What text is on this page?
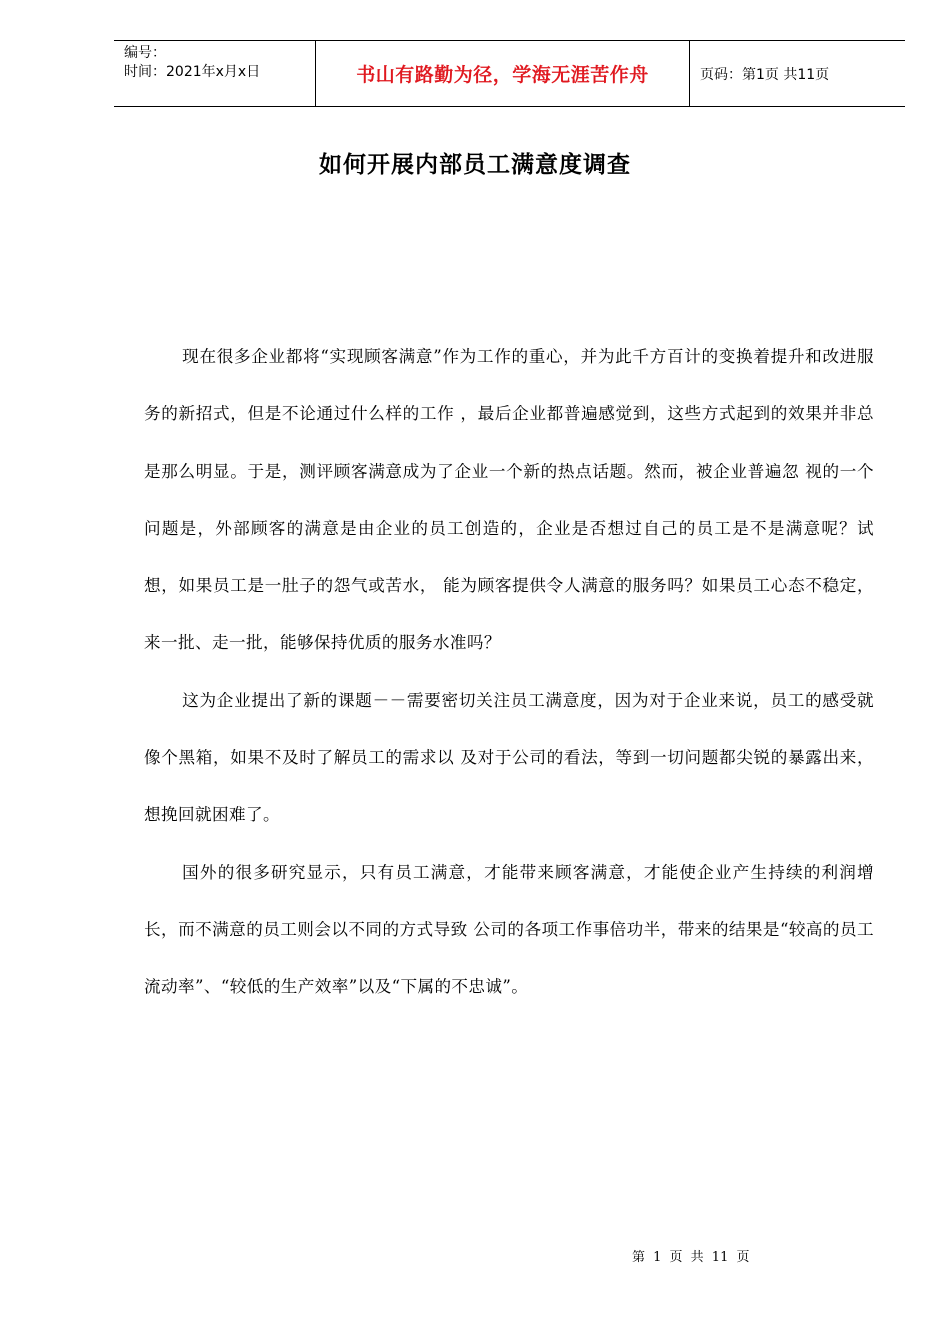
编号：
时间：2021年x月x日	书山有路勤为径，学海无涯苦作舟	页码：第1页 共11页
如何开展内部员工满意度调查

现在很多企业都将“实现顾客满意”作为工作的重心，并为此千方百计的变换着提升和改进服务的新招式，但是不论通过什么样的工作 ，最后企业都普遍感觉到，这些方式起到的效果并非总是那么明显。于是，测评顾客满意成为了企业一个新的热点话题。然而，被企业普遍忽 视的一个问题是，外部顾客的满意是由企业的员工创造的，企业是否想过自己的员工是不是满意呢？试想，如果员工是一肚子的怨气或苦水， 能为顾客提供令人满意的服务吗？如果员工心态不稳定，来一批、走一批，能够保持优质的服务水准吗？

这为企业提出了新的课题－－需要密切关注员工满意度，因为对于企业来说，员工的感受就像个黑箱，如果不及时了解员工的需求以 及对于公司的看法，等到一切问题都尖锐的暴露出来，想挽回就困难了。

国外的很多研究显示，只有员工满意，才能带来顾客满意，才能使企业产生持续的利润增长，而不满意的员工则会以不同的方式导致 公司的各项工作事倍功半，带来的结果是“较高的员工流动率”、“较低的生产效率”以及“下属的不忠诚”。

第 1 页 共 11 页
